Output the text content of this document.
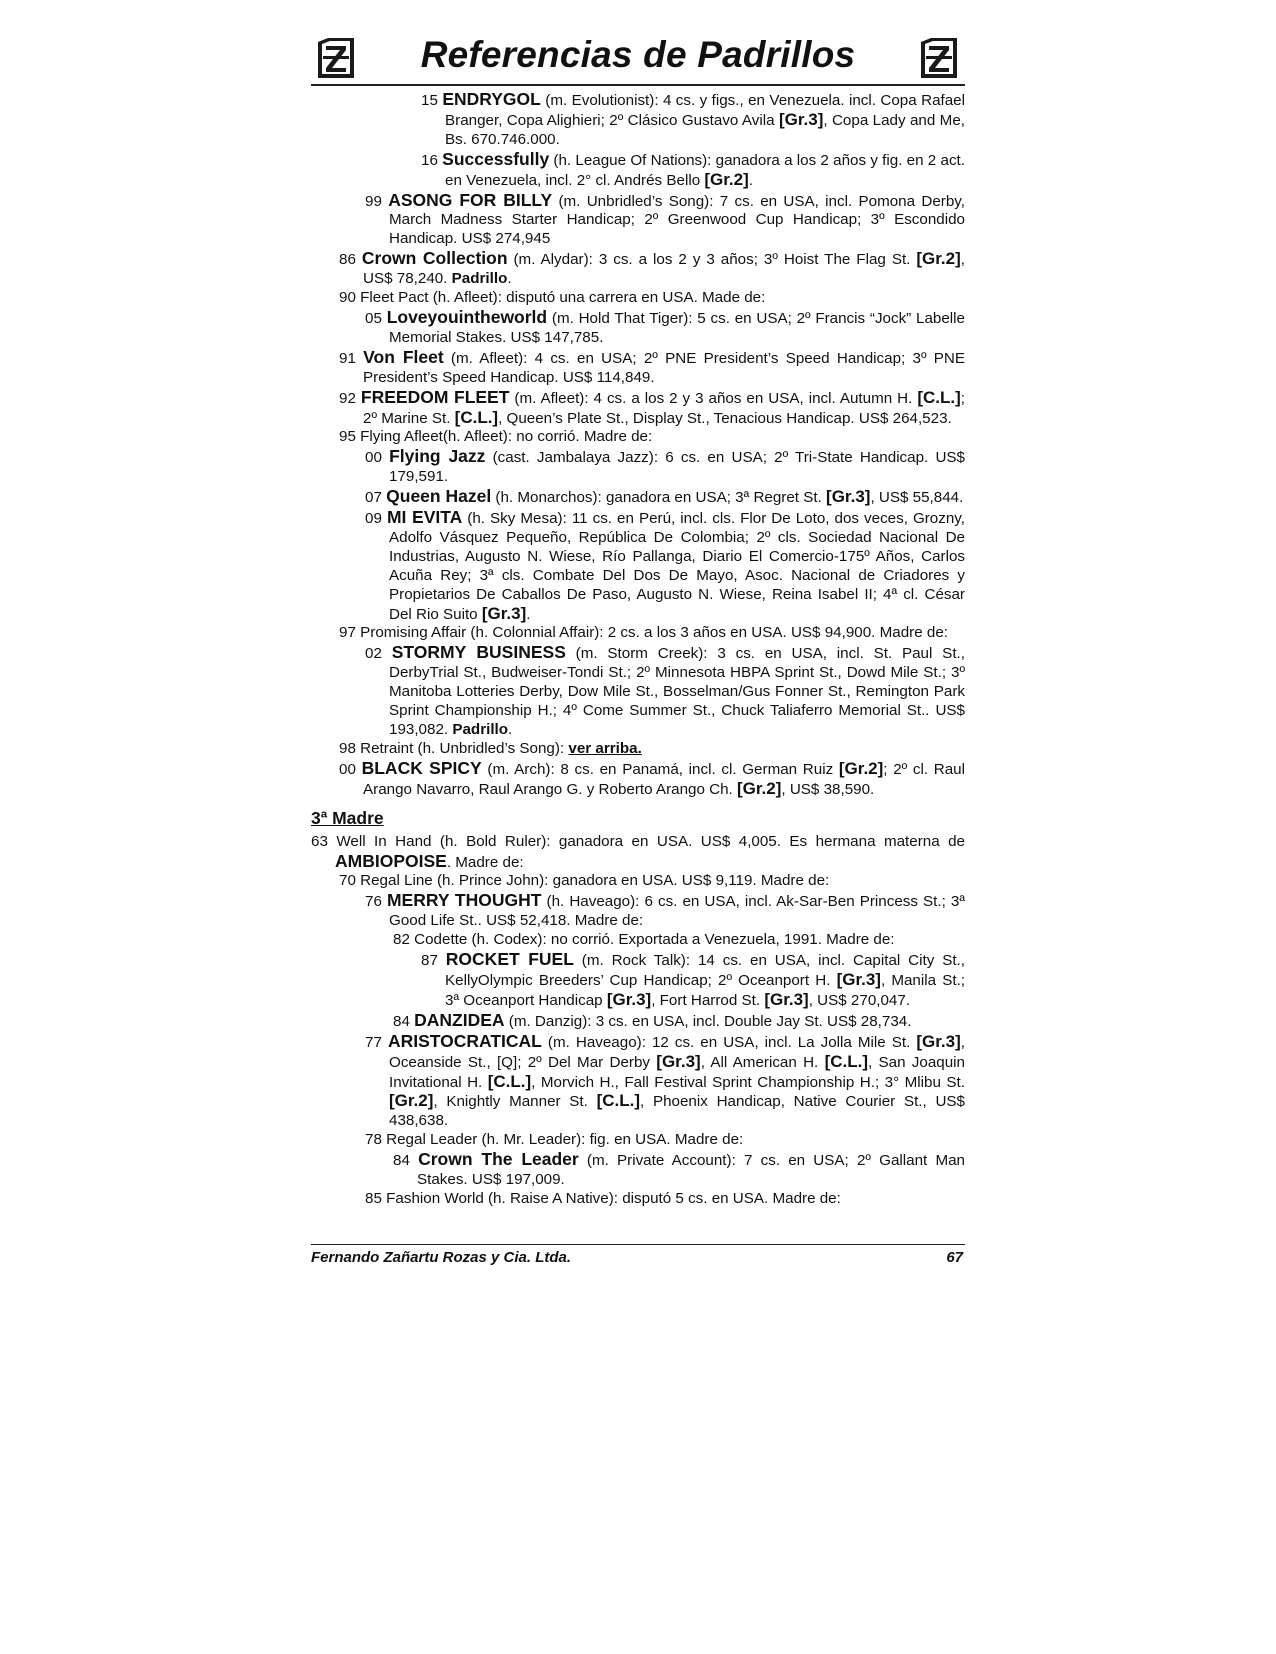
Referencias de Padrillos
15 ENDRYGOL (m. Evolutionist): 4 cs. y figs., en Venezuela. incl. Copa Rafael Branger, Copa Alighieri; 2º Clásico Gustavo Avila [Gr.3], Copa Lady and Me, Bs. 670.746.000.
16 Successfully (h. League Of Nations): ganadora a los 2 años y fig. en 2 act. en Venezuela, incl. 2° cl. Andrés Bello [Gr.2].
99 ASONG FOR BILLY (m. Unbridled’s Song): 7 cs. en USA, incl. Pomona Derby, March Madness Starter Handicap; 2º Greenwood Cup Handicap; 3º Escondido Handicap. US$ 274,945
86 Crown Collection (m. Alydar): 3 cs. a los 2 y 3 años; 3º Hoist The Flag St. [Gr.2], US$ 78,240. Padrillo.
90 Fleet Pact (h. Afleet): disputó una carrera en USA. Made de:
05 Loveyouintheworld (m. Hold That Tiger): 5 cs. en USA; 2º Francis “Jock” Labelle Memorial Stakes. US$ 147,785.
91 Von Fleet (m. Afleet): 4 cs. en USA; 2º PNE President’s Speed Handicap; 3º PNE President’s Speed Handicap. US$ 114,849.
92 FREEDOM FLEET (m. Afleet): 4 cs. a los 2 y 3 años en USA, incl. Autumn H. [C.L.]; 2º Marine St. [C.L.], Queen’s Plate St., Display St., Tenacious Handicap. US$ 264,523.
95 Flying Afleet(h. Afleet): no corrió. Madre de:
00 Flying Jazz (cast. Jambalaya Jazz): 6 cs. en USA; 2º Tri-State Handicap. US$ 179,591.
07 Queen Hazel (h. Monarchos): ganadora en USA; 3ª Regret St. [Gr.3], US$ 55,844.
09 MI EVITA (h. Sky Mesa): 11 cs. en Perú, incl. cls. Flor De Loto, dos veces, Grozny, Adolfo Vásquez Pequeño, República De Colombia; 2º cls. Sociedad Nacional De Industrias, Augusto N. Wiese, Río Pallanga, Diario El Comercio-175º Años, Carlos Acuña Rey; 3ª cls. Combate Del Dos De Mayo, Asoc. Nacional de Criadores y Propietarios De Caballos De Paso, Augusto N. Wiese, Reina Isabel II; 4ª cl. César Del Rio Suito [Gr.3].
97 Promising Affair (h. Colonnial Affair): 2 cs. a los 3 años en USA. US$ 94,900. Madre de:
02 STORMY BUSINESS (m. Storm Creek): 3 cs. en USA, incl. St. Paul St., DerbyTrial St., Budweiser-Tondi St.; 2º Minnesota HBPA Sprint St., Dowd Mile St.; 3º Manitoba Lotteries Derby, Dow Mile St., Bosselman/Gus Fonner St., Remington Park Sprint Championship H.; 4º Come Summer St., Chuck Taliaferro Memorial St.. US$ 193,082. Padrillo.
98 Retraint (h. Unbridled’s Song): ver arriba.
00 BLACK SPICY (m. Arch): 8 cs. en Panamá, incl. cl. German Ruiz [Gr.2]; 2º cl. Raul Arango Navarro, Raul Arango G. y Roberto Arango Ch. [Gr.2], US$ 38,590.
3ª Madre
63 Well In Hand (h. Bold Ruler): ganadora en USA. US$ 4,005. Es hermana materna de AMBIOPOISE. Madre de:
70 Regal Line (h. Prince John): ganadora en USA. US$ 9,119. Madre de:
76 MERRY THOUGHT (h. Haveago): 6 cs. en USA, incl. Ak-Sar-Ben Princess St.; 3ª Good Life St.. US$ 52,418. Madre de:
82 Codette (h. Codex): no corrió. Exportada a Venezuela, 1991. Madre de:
87 ROCKET FUEL (m. Rock Talk): 14 cs. en USA, incl. Capital City St., KellyOlympic Breeders’ Cup Handicap; 2º Oceanport H. [Gr.3], Manila St.; 3ª Oceanport Handicap [Gr.3], Fort Harrod St. [Gr.3], US$ 270,047.
84 DANZIDEA (m. Danzig): 3 cs. en USA, incl. Double Jay St. US$ 28,734.
77 ARISTOCRATICAL (m. Haveago): 12 cs. en USA, incl. La Jolla Mile St. [Gr.3], Oceanside St., [Q]; 2º Del Mar Derby [Gr.3], All American H. [C.L.], San Joaquin Invitational H. [C.L.], Morvich H., Fall Festival Sprint Championship H.; 3° Mlibu St. [Gr.2], Knightly Manner St. [C.L.], Phoenix Handicap, Native Courier St., US$ 438,638.
78 Regal Leader (h. Mr. Leader): fig. en USA. Madre de:
84 Crown The Leader (m. Private Account): 7 cs. en USA; 2º Gallant Man Stakes. US$ 197,009.
85 Fashion World (h. Raise A Native): disputó 5 cs. en USA. Madre de:
Fernando Zañartu Rozas y Cia. Ltda.	67
